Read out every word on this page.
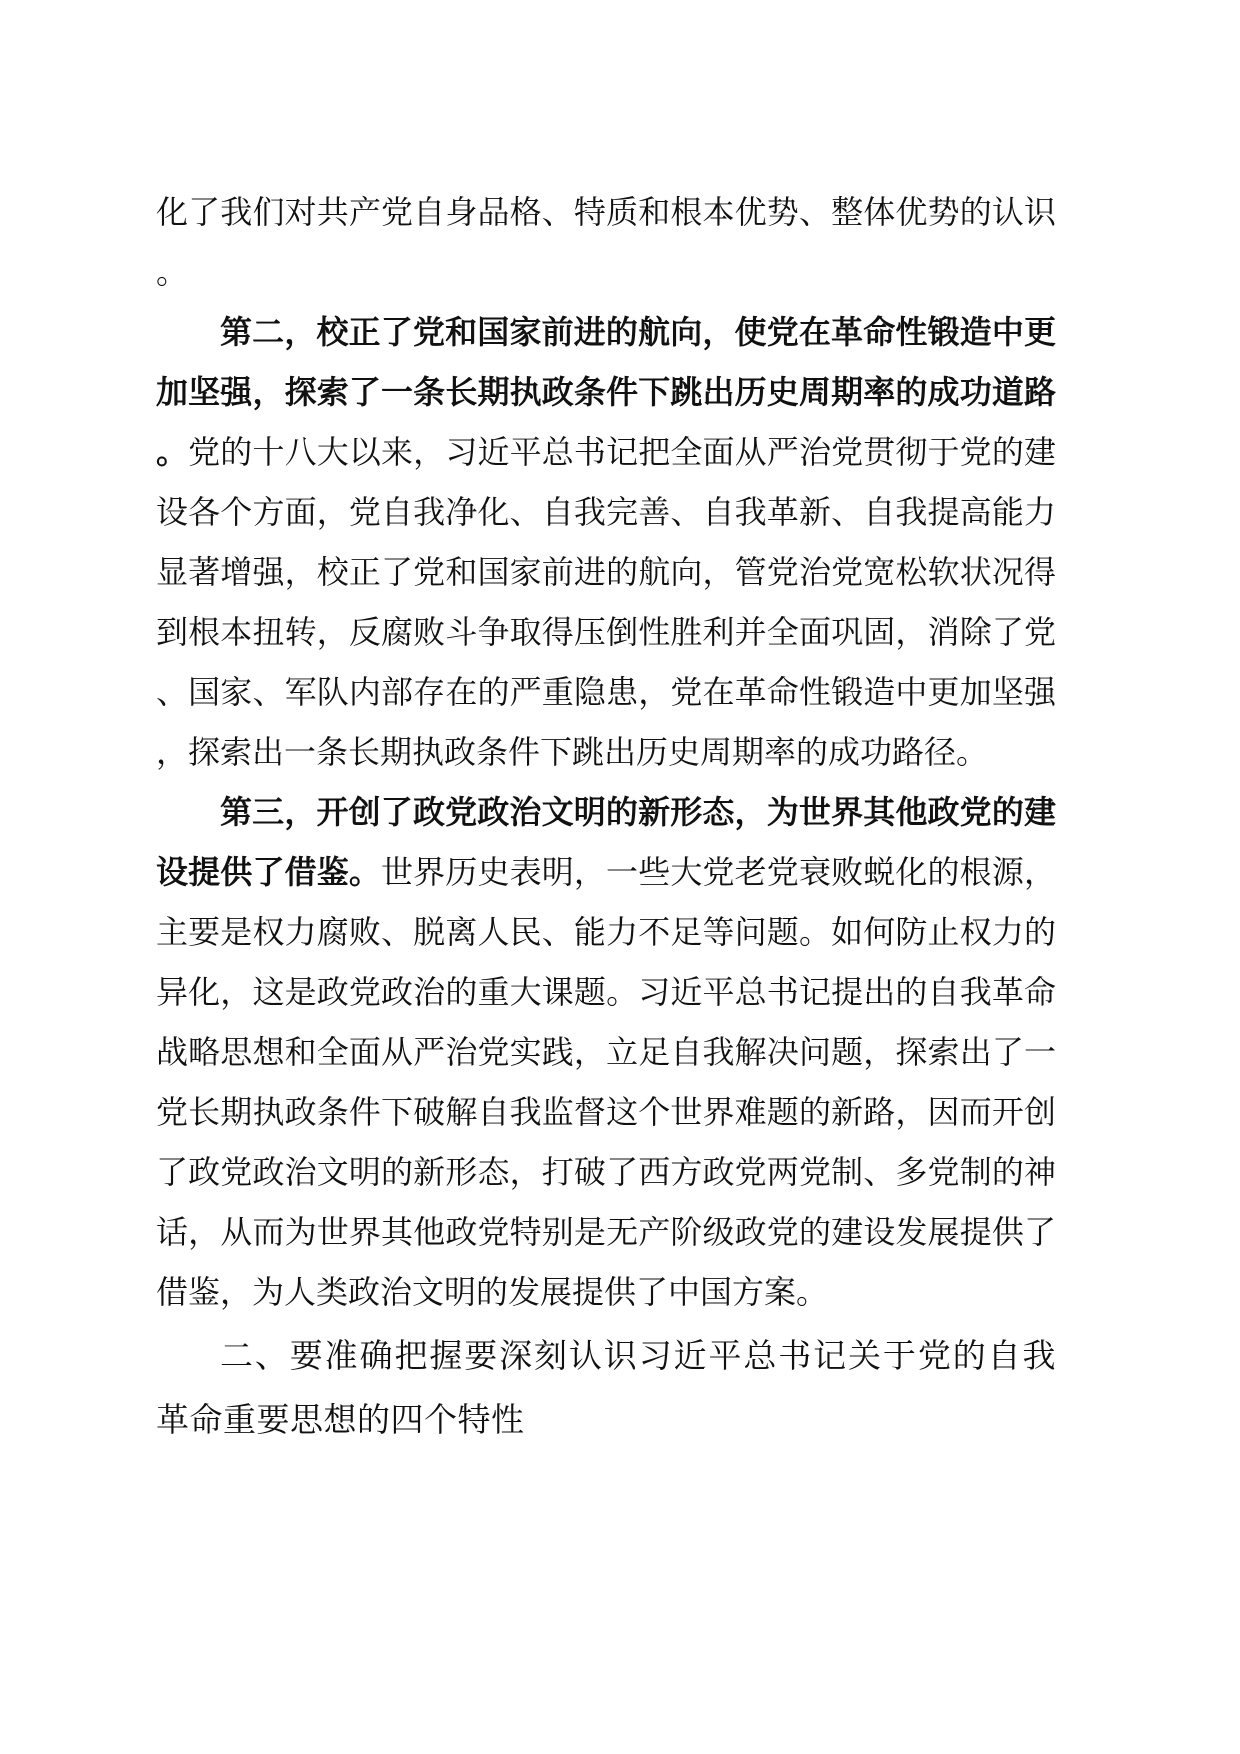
化了我们对共产党自身品格、特质和根本优势、整体优势的认识。

第二，校正了党和国家前进的航向，使党在革命性锻造中更加坚强，探索了一条长期执政条件下跳出历史周期率的成功道路。党的十八大以来，习近平总书记把全面从严治党贯彻于党的建设各个方面，党自我净化、自我完善、自我革新、自我提高能力显著增强，校正了党和国家前进的航向，管党治党宽松软状况得到根本扭转，反腐败斗争取得压倒性胜利并全面巩固，消除了党、国家、军队内部存在的严重隐患，党在革命性锻造中更加坚强，探索出一条长期执政条件下跳出历史周期率的成功路径。

第三，开创了政党政治文明的新形态，为世界其他政党的建设提供了借鉴。世界历史表明，一些大党老党衰败蜕化的根源，主要是权力腐败、脱离人民、能力不足等问题。如何防止权力的异化，这是政党政治的重大课题。习近平总书记提出的自我革命战略思想和全面从严治党实践，立足自我解决问题，探索出了一党长期执政条件下破解自我监督这个世界难题的新路，因而开创了政党政治文明的新形态，打破了西方政党两党制、多党制的神话，从而为世界其他政党特别是无产阶级政党的建设发展提供了借鉴，为人类政治文明的发展提供了中国方案。

二、要准确把握要深刻认识习近平总书记关于党的自我革命重要思想的四个特性
